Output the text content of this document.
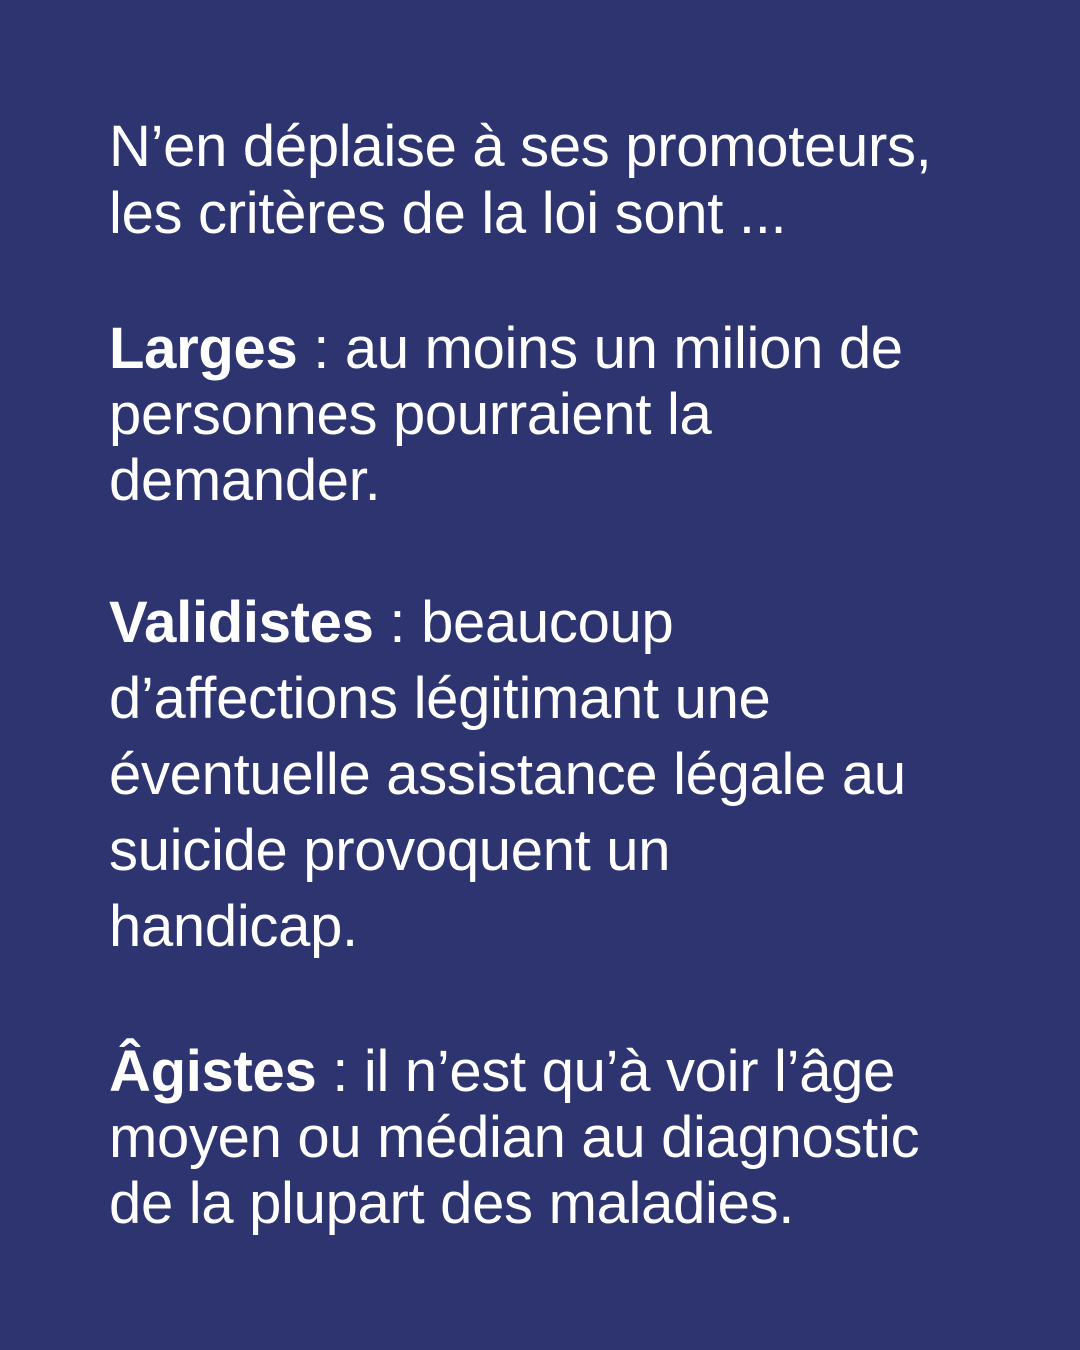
N’en déplaise à ses promoteurs,
les critères de la loi sont ...

Larges : au moins un milion de
personnes pourraient la
demander.

Validistes : beaucoup
d’affections légitimant une
éventuelle assistance légale au
suicide provoquent un
handicap.

Âgistes : il n’est qu’à voir l’âge
moyen ou médian au diagnostic
de la plupart des maladies.
